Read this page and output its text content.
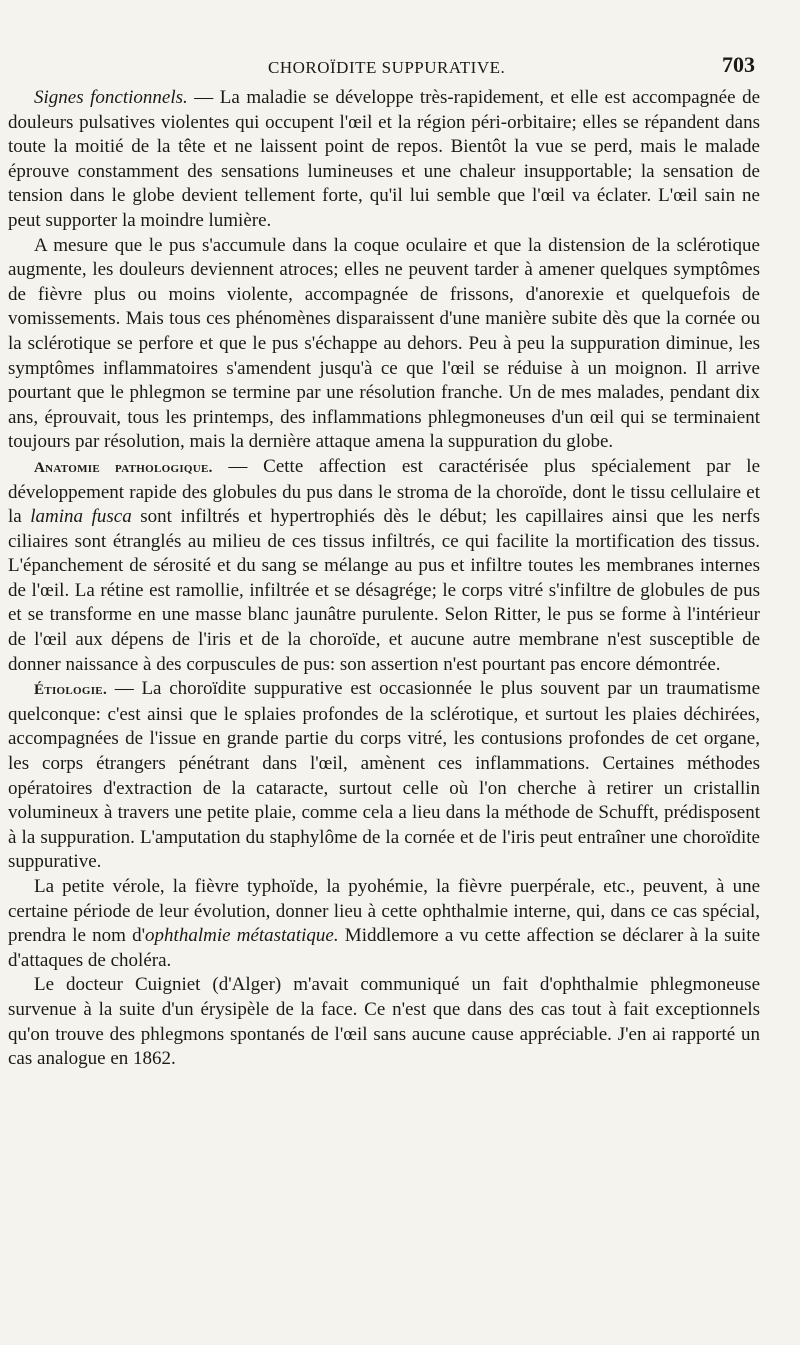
CHOROÏDITE SUPPURATIVE.	703

Signes fonctionnels. — La maladie se développe très-rapidement, et elle est accompagnée de douleurs pulsatives violentes qui occupent l'œil et la région péri-orbitaire; elles se répandent dans toute la moitié de la tête et ne laissent point de repos. Bientôt la vue se perd, mais le malade éprouve constamment des sensations lumineuses et une chaleur insupportable; la sensation de tension dans le globe devient tellement forte, qu'il lui semble que l'œil va éclater. L'œil sain ne peut supporter la moindre lumière.

A mesure que le pus s'accumule dans la coque oculaire et que la distension de la sclérotique augmente, les douleurs deviennent atroces; elles ne peuvent tarder à amener quelques symptômes de fièvre plus ou moins violente, accompagnée de frissons, d'anorexie et quelquefois de vomissements. Mais tous ces phénomènes disparaissent d'une manière subite dès que la cornée ou la sclérotique se perfore et que le pus s'échappe au dehors. Peu à peu la suppuration diminue, les symptômes inflammatoires s'amendent jusqu'à ce que l'œil se réduise à un moignon. Il arrive pourtant que le phlegmon se termine par une résolution franche. Un de mes malades, pendant dix ans, éprouvait, tous les printemps, des inflammations phlegmoneuses d'un œil qui se terminaient toujours par résolution, mais la dernière attaque amena la suppuration du globe.

Anatomie pathologique. — Cette affection est caractérisée plus spécialement par le développement rapide des globules du pus dans le stroma de la choroïde, dont le tissu cellulaire et la lamina fusca sont infiltrés et hypertrophiés dès le début; les capillaires ainsi que les nerfs ciliaires sont étranglés au milieu de ces tissus infiltrés, ce qui facilite la mortification des tissus. L'épanchement de sérosité et du sang se mélange au pus et infiltre toutes les membranes internes de l'œil. La rétine est ramollie, infiltrée et se désagrége; le corps vitré s'infiltre de globules de pus et se transforme en une masse blanc jaunâtre purulente. Selon Ritter, le pus se forme à l'intérieur de l'œil aux dépens de l'iris et de la choroïde, et aucune autre membrane n'est susceptible de donner naissance à des corpuscules de pus: son assertion n'est pourtant pas encore démontrée.

Étiologie. — La choroïdite suppurative est occasionnée le plus souvent par un traumatisme quelconque: c'est ainsi que le splaies profondes de la sclérotique, et surtout les plaies déchirées, accompagnées de l'issue en grande partie du corps vitré, les contusions profondes de cet organe, les corps étrangers pénétrant dans l'œil, amènent ces inflammations. Certaines méthodes opératoires d'extraction de la cataracte, surtout celle où l'on cherche à retirer un cristallin volumineux à travers une petite plaie, comme cela a lieu dans la méthode de Schufft, prédisposent à la suppuration. L'amputation du staphylôme de la cornée et de l'iris peut entraîner une choroïdite suppurative.

La petite vérole, la fièvre typhoïde, la pyohémie, la fièvre puerpérale, etc., peuvent, à une certaine période de leur évolution, donner lieu à cette ophthalmie interne, qui, dans ce cas spécial, prendra le nom d'ophthalmie métastatique. Middlemore a vu cette affection se déclarer à la suite d'attaques de choléra.

Le docteur Cuigniet (d'Alger) m'avait communiqué un fait d'ophthalmie phlegmoneuse survenue à la suite d'un érysipèle de la face. Ce n'est que dans des cas tout à fait exceptionnels qu'on trouve des phlegmons spontanés de l'œil sans aucune cause appréciable. J'en ai rapporté un cas analogue en 1862.
